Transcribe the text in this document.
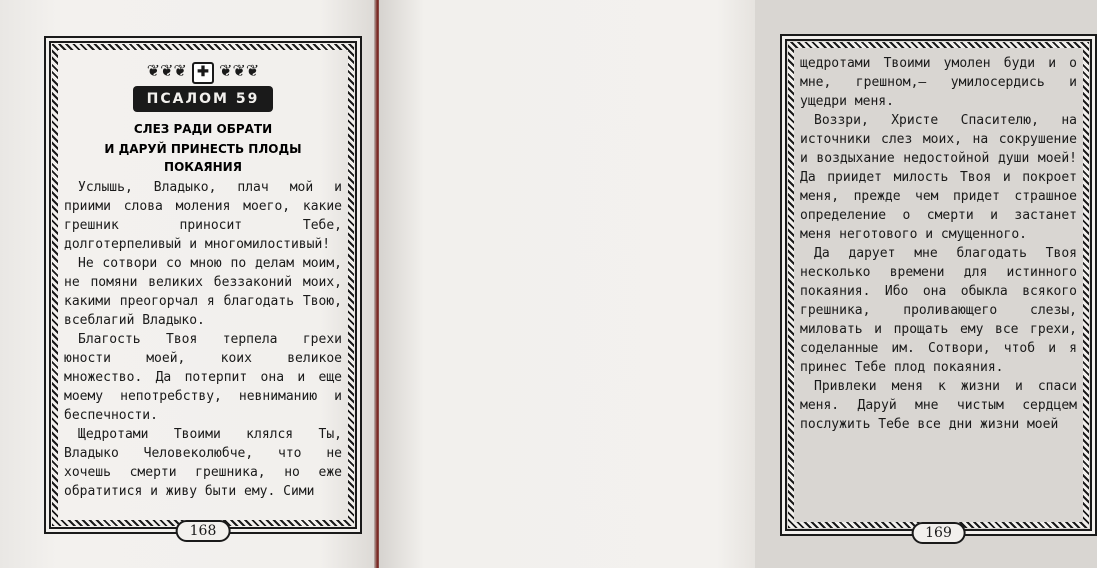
❦❦❦ ✚ ❦❦❦
ПСАЛОМ 59
СЛЕЗ РАДИ ОБРАТИ
И ДАРУЙ ПРИНЕСТЬ ПЛОДЫ ПОКАЯНИЯ

Услышь, Владыко, плач мой и приими слова моления моего, какие грешник приносит Тебе, долготерпеливый и многомилостивый!

Не сотвори со мною по делам моим, не помяни великих беззаконий моих, какими преогорчал я благодать Твою, всеблагий Владыко.

Благость Твоя терпела грехи юности моей, коих великое множество. Да потерпит она и еще моему непотребству, невниманию и беспечности.

Щедротами Твоими клялся Ты, Владыко Человеколюбче, что не хочешь смерти грешника, но еже обратитися и живу быти ему. Сими

168

щедротами Твоими умолен буди и о мне, грешном,— умилосердись и ущедри меня.

Воззри, Христе Спасителю, на источники слез моих, на сокрушение и воздыхание недостойной души моей! Да приидет милость Твоя и покроет меня, прежде чем придет страшное определение о смерти и застанет меня неготового и смущенного.

Да дарует мне благодать Твоя несколько времени для истинного покаяния. Ибо она обыкла всякого грешника, проливающего слезы, миловать и прощать ему все грехи, соделанные им. Сотвори, чтоб и я принес Тебе плод покаяния.

Привлеки меня к жизни и спаси меня. Даруй мне чистым сердцем послужить Тебе все дни жизни моей

169
